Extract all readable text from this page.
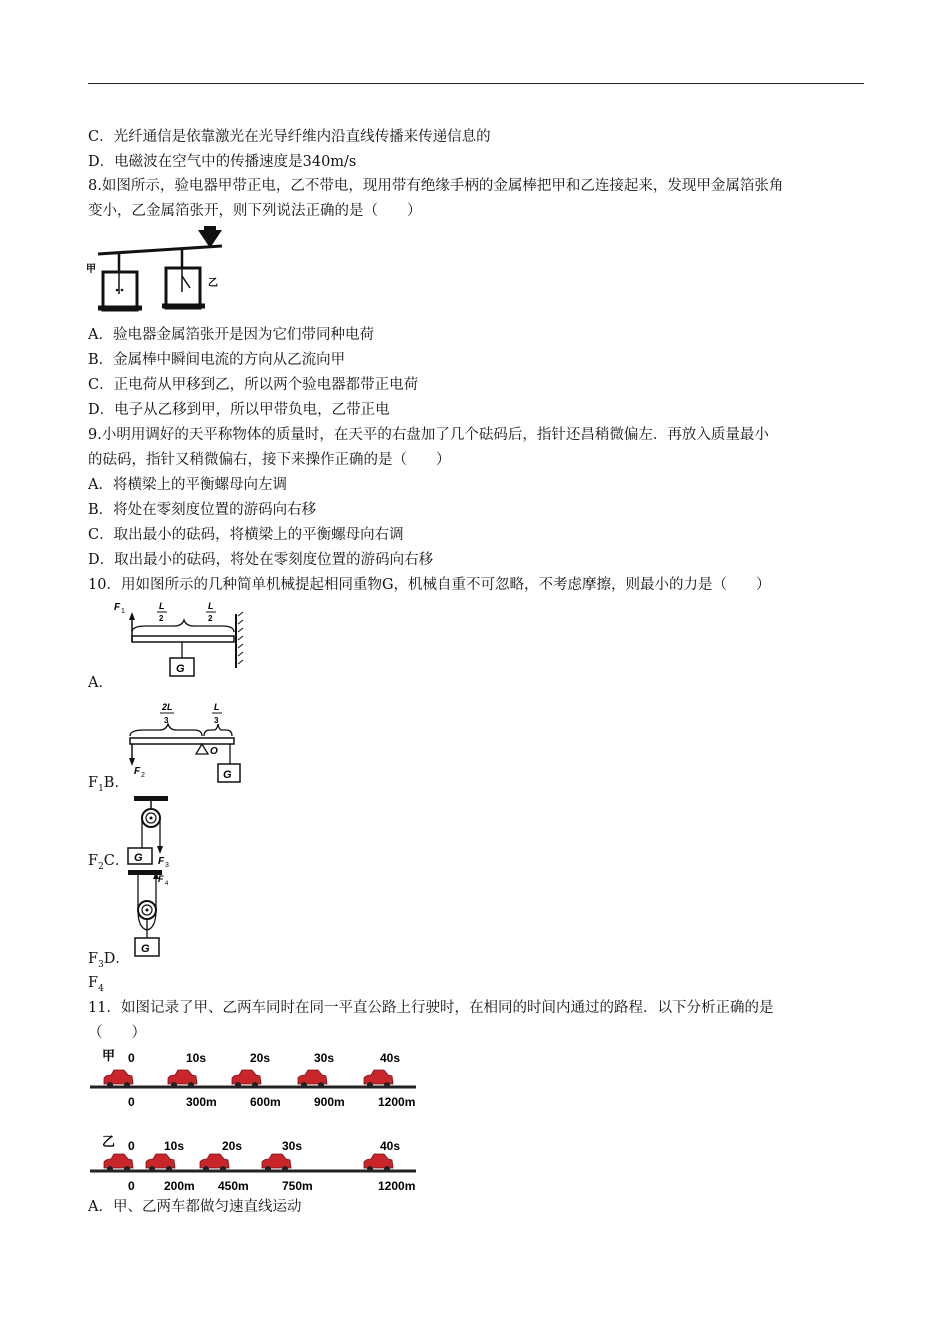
C．光纤通信是依靠激光在光导纤维内沿直线传播来传递信息的
D．电磁波在空气中的传播速度是340m/s
8.如图所示，验电器甲带正电，乙不带电，现用带有绝缘手柄的金属棒把甲和乙连接起来，发现甲金属箔张角
变小，乙金属箔张开，则下列说法正确的是（　　）
甲
乙
A．验电器金属箔张开是因为它们带同种电荷
B．金属棒中瞬间电流的方向从乙流向甲
C．正电荷从甲移到乙，所以两个验电器都带正电荷
D．电子从乙移到甲，所以甲带负电，乙带正电
9.小明用调好的天平称物体的质量时，在天平的右盘加了几个砝码后，指针还昌稍微偏左．再放入质量最小
的砝码，指针又稍微偏右，接下来操作正确的是（　　）
A．将横梁上的平衡螺母向左调
B．将处在零刻度位置的游码向右移
C．取出最小的砝码，将横梁上的平衡螺母向右调
D．取出最小的砝码，将处在零刻度位置的游码向右移
10．用如图所示的几种简单机械提起相同重物G，机械自重不可忽略，不考虑摩擦，则最小的力是（　　）
F 1
L
2
L
2
G
A．
2L
3
L
3
O
F 2	G
$F_1B$．
G F 3
$F_2C$．
F 4
G
$F_3D$．
$F_4$
11．如图记录了甲、乙两车同时在同一平直公路上行驶时，在相同的时间内通过的路程．以下分析正确的是
（　　）
甲 0	10s	20s	30s	40s
0	300m	600m	900m	1200m
乙 0 10s	20s	30s	40s
0 200m 450m	750m	1200m
A．甲、乙两车都做匀速直线运动
